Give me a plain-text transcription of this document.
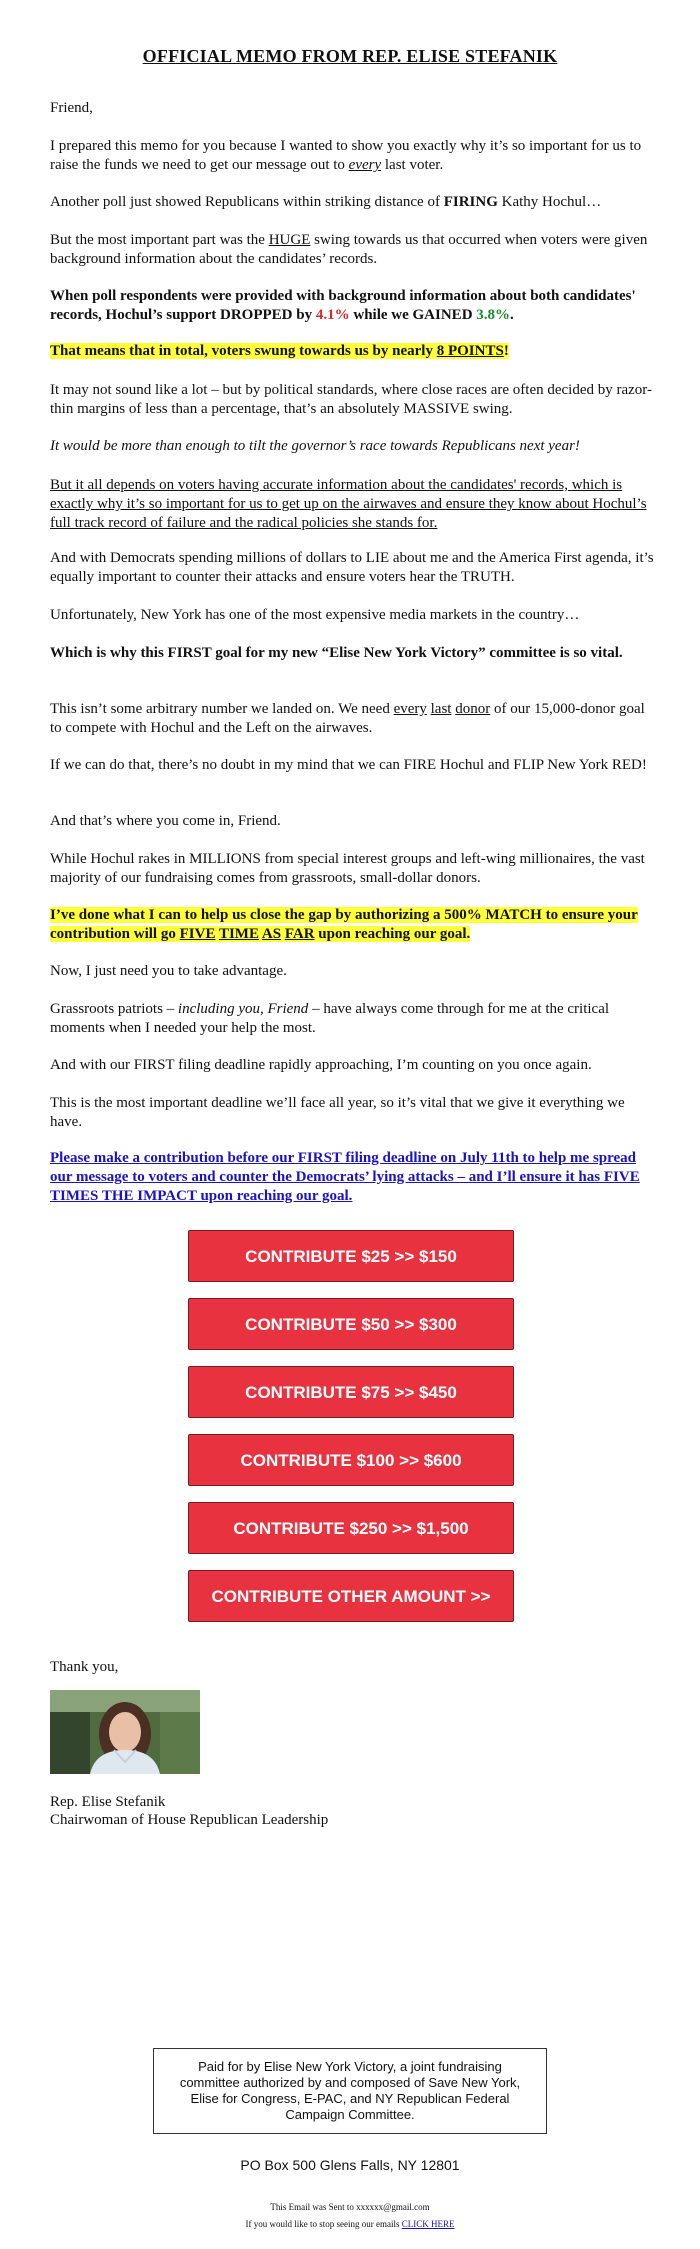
OFFICIAL MEMO FROM REP. ELISE STEFANIK

Friend,

I prepared this memo for you because I wanted to show you exactly why it’s so important for us to raise the funds we need to get our message out to every last voter.

Another poll just showed Republicans within striking distance of FIRING Kathy Hochul…

But the most important part was the HUGE swing towards us that occurred when voters were given background information about the candidates’ records.

When poll respondents were provided with background information about both candidates' records, Hochul’s support DROPPED by 4.1% while we GAINED 3.8%.

That means that in total, voters swung towards us by nearly 8 POINTS!

It may not sound like a lot – but by political standards, where close races are often decided by razor-thin margins of less than a percentage, that’s an absolutely MASSIVE swing.

It would be more than enough to tilt the governor’s race towards Republicans next year!

But it all depends on voters having accurate information about the candidates' records, which is exactly why it’s so important for us to get up on the airwaves and ensure they know about Hochul’s full track record of failure and the radical policies she stands for.

And with Democrats spending millions of dollars to LIE about me and the America First agenda, it’s equally important to counter their attacks and ensure voters hear the TRUTH.

Unfortunately, New York has one of the most expensive media markets in the country…

Which is why this FIRST goal for my new “Elise New York Victory” committee is so vital.

This isn’t some arbitrary number we landed on. We need every last donor of our 15,000-donor goal to compete with Hochul and the Left on the airwaves.

If we can do that, there’s no doubt in my mind that we can FIRE Hochul and FLIP New York RED!

And that’s where you come in, Friend.

While Hochul rakes in MILLIONS from special interest groups and left-wing millionaires, the vast majority of our fundraising comes from grassroots, small-dollar donors.

I’ve done what I can to help us close the gap by authorizing a 500% MATCH to ensure your contribution will go FIVE TIME AS FAR upon reaching our goal.

Now, I just need you to take advantage.

Grassroots patriots – including you, Friend – have always come through for me at the critical moments when I needed your help the most.

And with our FIRST filing deadline rapidly approaching, I’m counting on you once again.

This is the most important deadline we’ll face all year, so it’s vital that we give it everything we have.

Please make a contribution before our FIRST filing deadline on July 11th to help me spread our message to voters and counter the Democrats’ lying attacks – and I’ll ensure it has FIVE TIMES THE IMPACT upon reaching our goal.

CONTRIBUTE $25 >> $150
CONTRIBUTE $50 >> $300
CONTRIBUTE $75 >> $450
CONTRIBUTE $100 >> $600
CONTRIBUTE $250 >> $1,500
CONTRIBUTE OTHER AMOUNT >>

Thank you,

Rep. Elise Stefanik

Chairwoman of House Republican Leadership

Paid for by Elise New York Victory, a joint fundraising committee authorized by and composed of Save New York, Elise for Congress, E-PAC, and NY Republican Federal Campaign Committee.
PO Box 500 Glens Falls, NY 12801
This Email was Sent to xxxxxx@gmail.com
If you would like to stop seeing our emails CLICK HERE
